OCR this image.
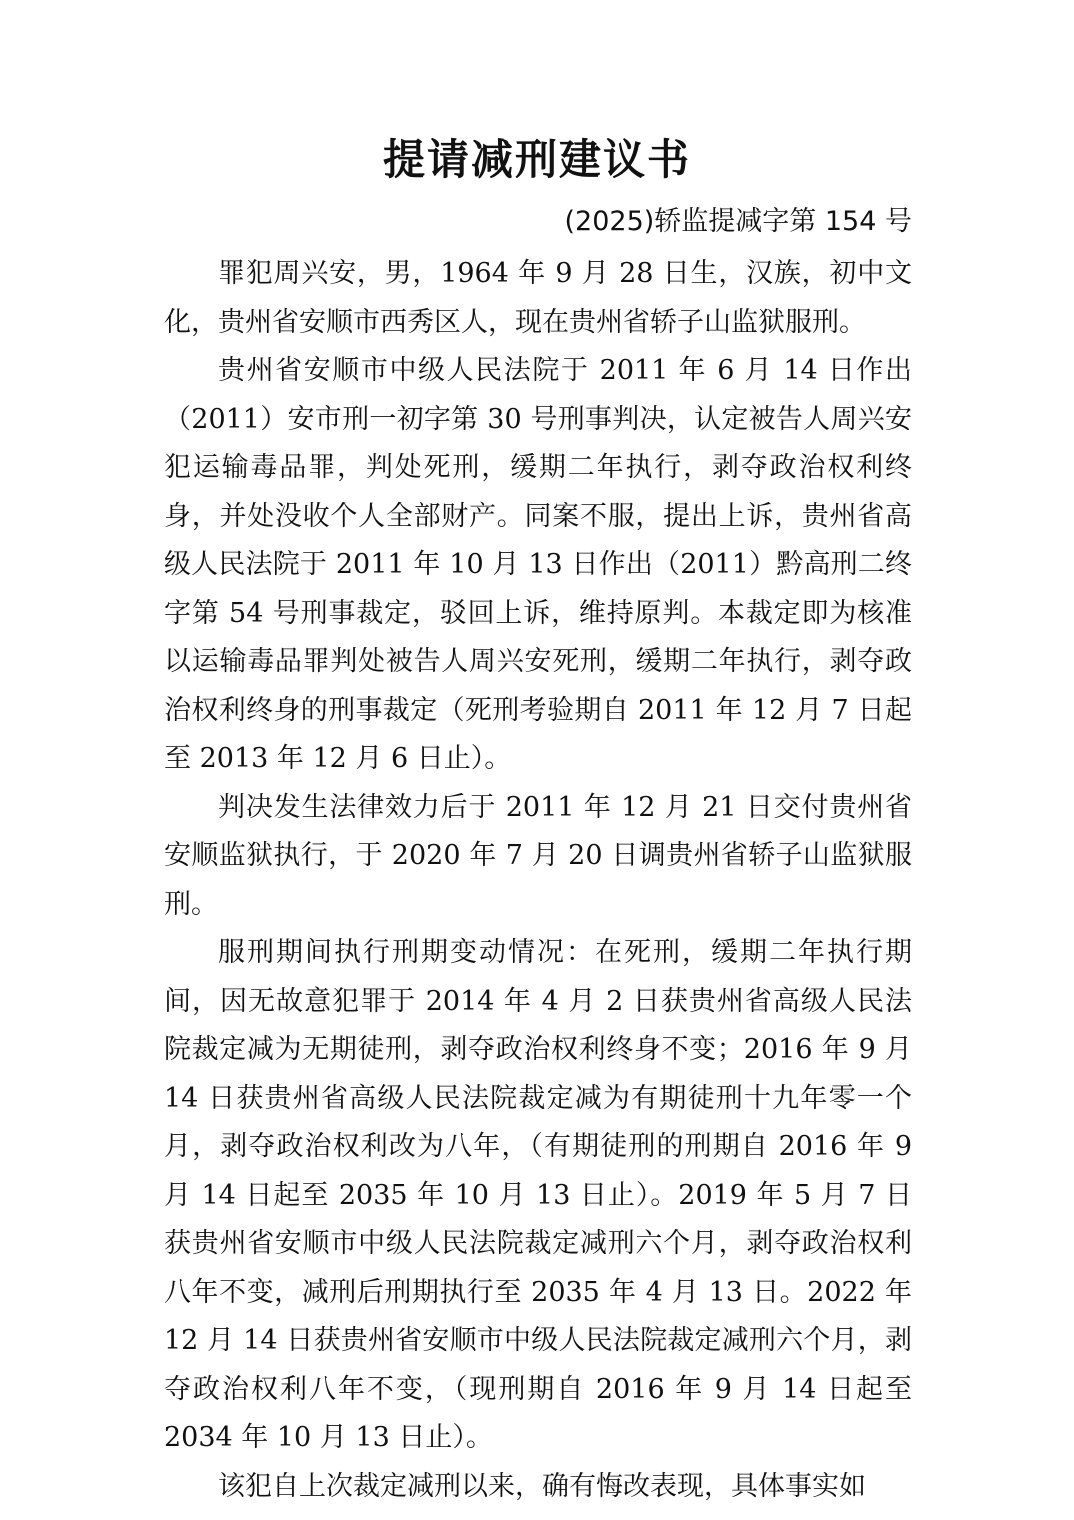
提请减刑建议书
(2025)轿监提减字第 154 号

罪犯周兴安，男，1964 年 9 月 28 日生，汉族，初中文化，贵州省安顺市西秀区人，现在贵州省轿子山监狱服刑。

贵州省安顺市中级人民法院于 2011 年 6 月 14 日作出（2011）安市刑一初字第 30 号刑事判决，认定被告人周兴安犯运输毒品罪，判处死刑，缓期二年执行，剥夺政治权利终身，并处没收个人全部财产。同案不服，提出上诉，贵州省高级人民法院于 2011 年 10 月 13 日作出（2011）黔高刑二终字第 54 号刑事裁定，驳回上诉，维持原判。本裁定即为核准以运输毒品罪判处被告人周兴安死刑，缓期二年执行，剥夺政治权利终身的刑事裁定（死刑考验期自 2011 年 12 月 7 日起至 2013 年 12 月 6 日止）。

判决发生法律效力后于 2011 年 12 月 21 日交付贵州省安顺监狱执行，于 2020 年 7 月 20 日调贵州省轿子山监狱服刑。

服刑期间执行刑期变动情况：在死刑，缓期二年执行期间，因无故意犯罪于 2014 年 4 月 2 日获贵州省高级人民法院裁定减为无期徒刑，剥夺政治权利终身不变；2016 年 9 月 14 日获贵州省高级人民法院裁定减为有期徒刑十九年零一个月，剥夺政治权利改为八年，（有期徒刑的刑期自 2016 年 9 月 14 日起至 2035 年 10 月 13 日止）。2019 年 5 月 7 日获贵州省安顺市中级人民法院裁定减刑六个月，剥夺政治权利八年不变，减刑后刑期执行至 2035 年 4 月 13 日。2022 年 12 月 14 日获贵州省安顺市中级人民法院裁定减刑六个月，剥夺政治权利八年不变，（现刑期自 2016 年 9 月 14 日起至 2034 年 10 月 13 日止）。

该犯自上次裁定减刑以来，确有悔改表现，具体事实如
